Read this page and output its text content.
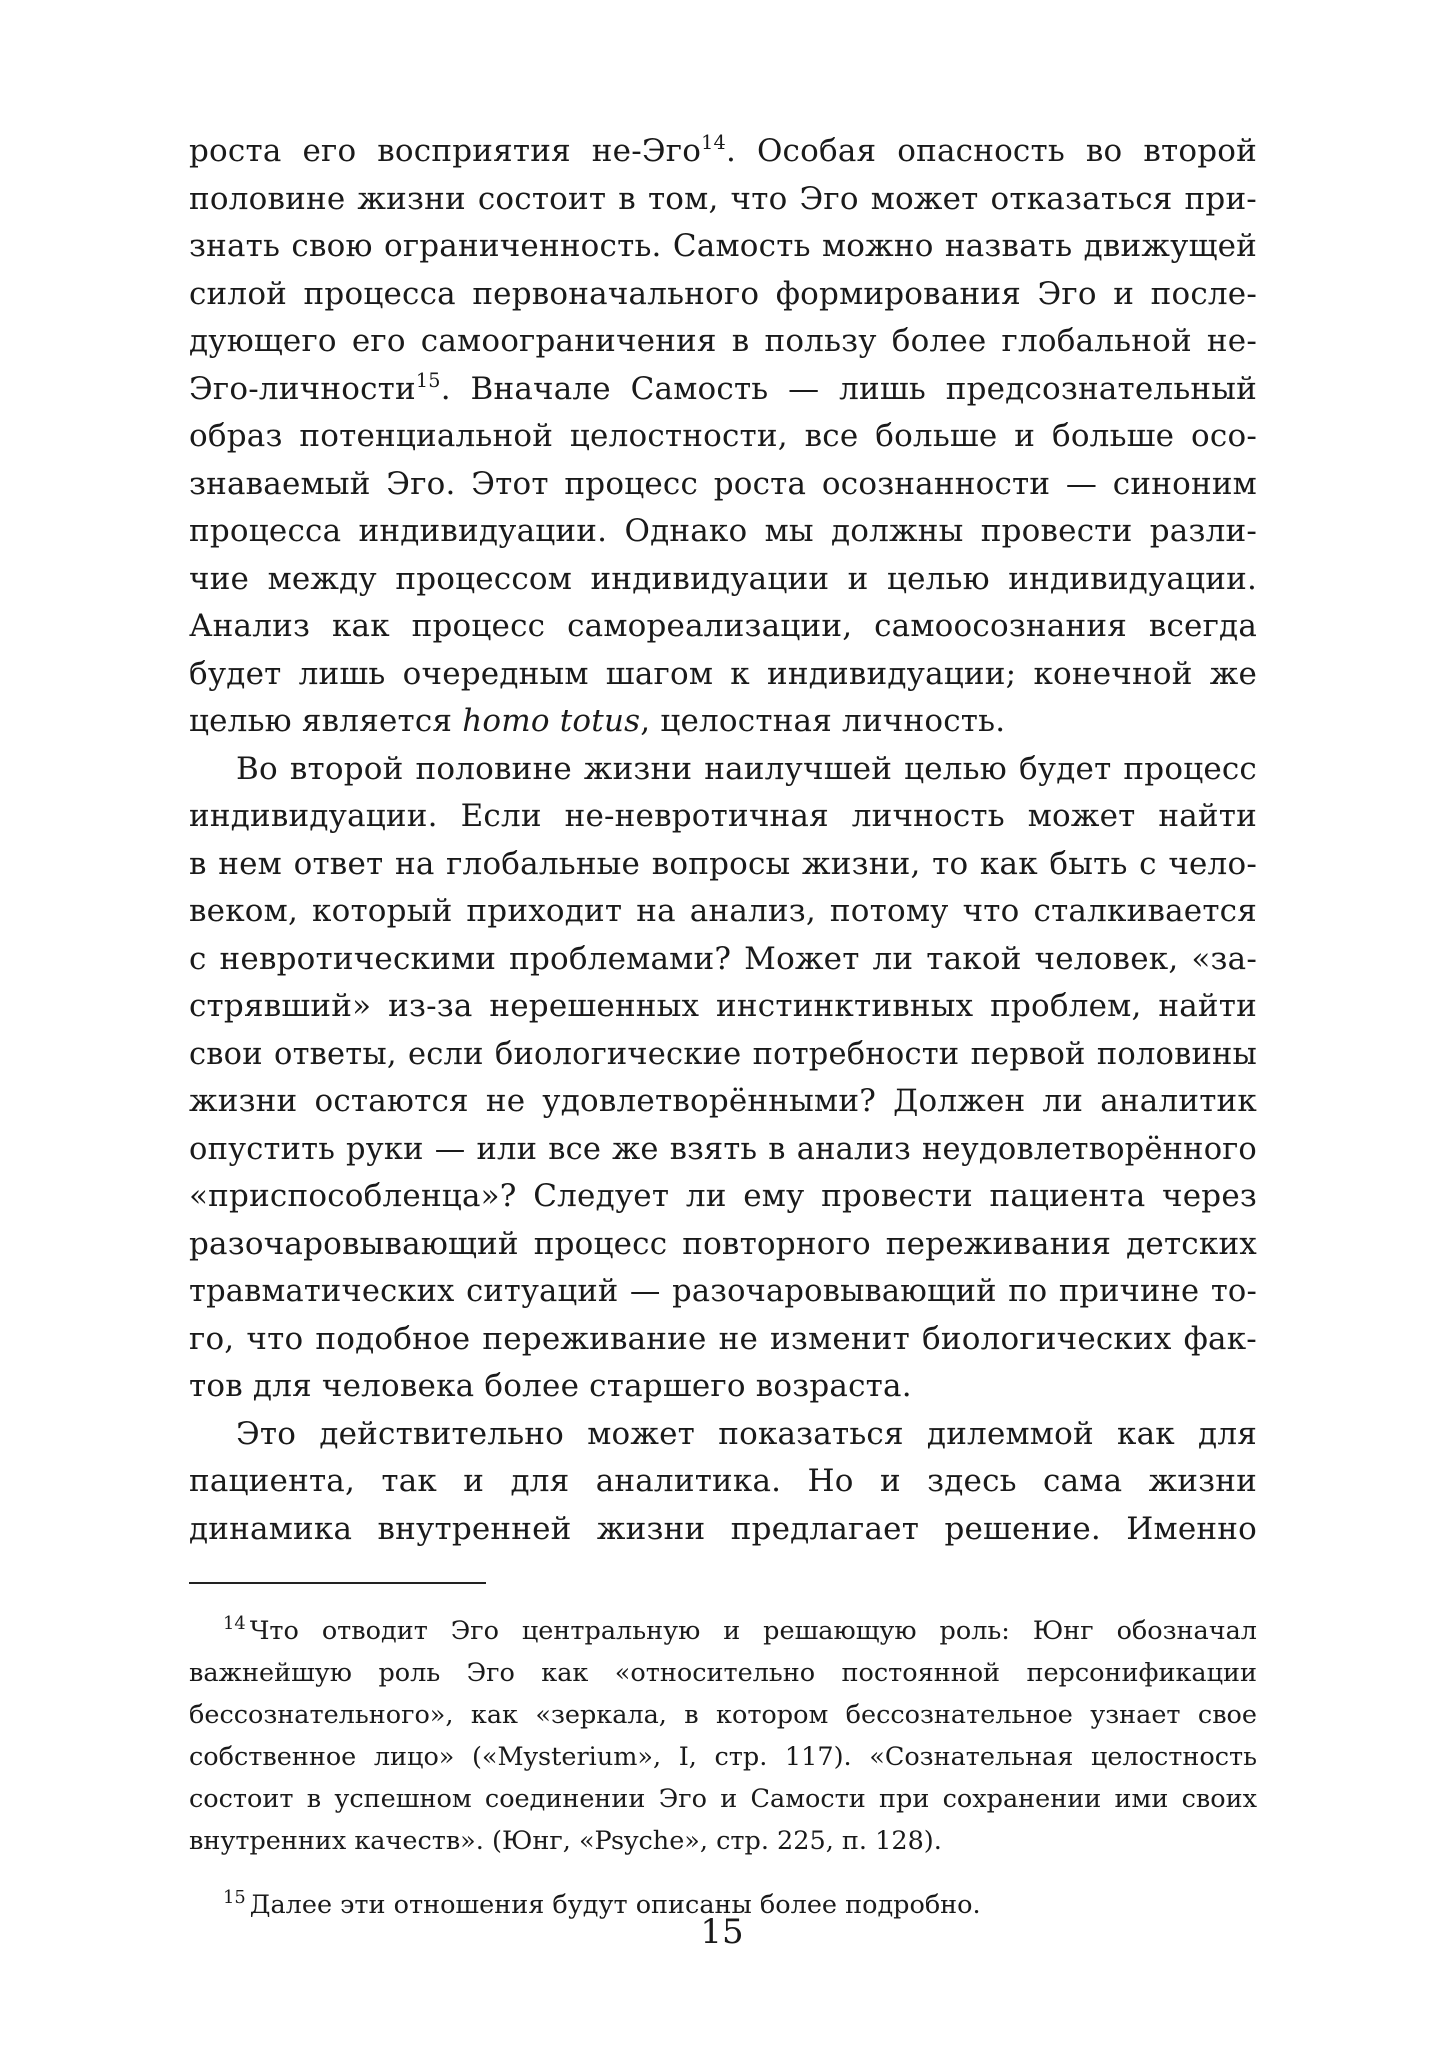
роста его восприятия не-Эго$^{14}$. Особая опасность во второй
половине жизни состоит в том, что Эго может отказаться при-
знать свою ограниченность. Самость можно назвать движущей
силой процесса первоначального формирования Эго и после-
дующего его самоограничения в пользу более глобальной не-
Эго-личности$^{15}$. Вначале Самость — лишь предсознательный
образ потенциальной целостности, все больше и больше осо-
знаваемый Эго. Этот процесс роста осознанности — синоним
процесса индивидуации. Однако мы должны провести разли-
чие между процессом индивидуации и целью индивидуации.
Анализ как процесс самореализации, самоосознания всегда
будет лишь очередным шагом к индивидуации; конечной же
целью является homo totus, целостная личность.
Во второй половине жизни наилучшей целью будет процесс
индивидуации. Если не-невротичная личность может найти
в нем ответ на глобальные вопросы жизни, то как быть с чело-
веком, который приходит на анализ, потому что сталкивается
с невротическими проблемами? Может ли такой человек, «за-
стрявший» из-за нерешенных инстинктивных проблем, найти
свои ответы, если биологические потребности первой половины
жизни остаются не удовлетворёнными? Должен ли аналитик
опустить руки — или все же взять в анализ неудовлетворённого
«приспособленца»? Следует ли ему провести пациента через
разочаровывающий процесс повторного переживания детских
травматических ситуаций — разочаровывающий по причине то-
го, что подобное переживание не изменит биологических фак-
тов для человека более старшего возраста.
Это действительно может показаться дилеммой как для
пациента, так и для аналитика. Но и здесь сама жизни
динамика внутренней жизни предлагает решение. Именно
$^{14}$ Что отводит Эго центральную и решающую роль: Юнг обозначал
важнейшую роль Эго как «относительно постоянной персонификации
бессознательного», как «зеркала, в котором бессознательное узнает свое
собственное лицо» («Mysterium», I, стр. 117). «Сознательная целостность
состоит в успешном соединении Эго и Самости при сохранении ими своих
внутренних качеств». (Юнг, «Psyche», стр. 225, п. 128).
$^{15}$ Далее эти отношения будут описаны более подробно.
15
